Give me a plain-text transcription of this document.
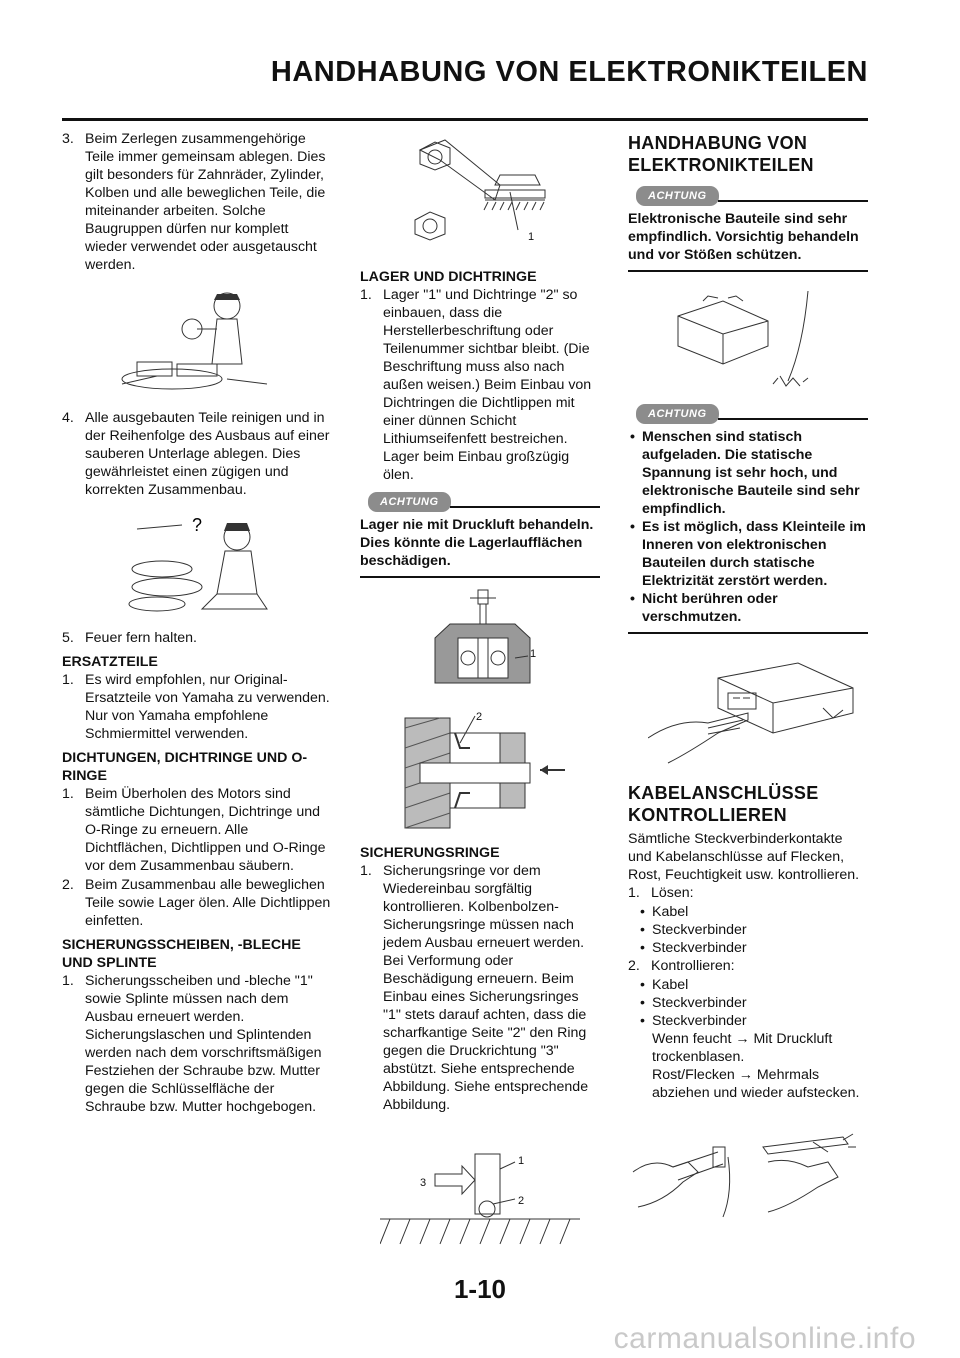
HANDHABUNG VON ELEKTRONIKTEILEN
3. Beim Zerlegen zusammengehörige Teile immer gemeinsam ablegen. Dies gilt besonders für Zahnräder, Zylinder, Kolben und alle beweglichen Teile, die miteinander arbeiten. Solche Baugruppen dürfen nur komplett wieder verwendet oder ausgetauscht werden.
4. Alle ausgebauten Teile reinigen und in der Reihenfolge des Ausbaus auf einer sauberen Unterlage ablegen. Dies gewährleistet einen zügigen und korrekten Zusammenbau.
?
5. Feuer fern halten.
ERSATZTEILE
1. Es wird empfohlen, nur Original-Ersatzteile von Yamaha zu verwenden. Nur von Yamaha empfohlene Schmiermittel verwenden.
DICHTUNGEN, DICHTRINGE UND O-RINGE
1. Beim Überholen des Motors sind sämtliche Dichtungen, Dichtringe und O-Ringe zu erneuern. Alle Dichtflächen, Dichtlippen und O-Ringe vor dem Zusammenbau säubern.
2. Beim Zusammenbau alle beweglichen Teile sowie Lager ölen. Alle Dichtlippen einfetten.
SICHERUNGSSCHEIBEN, -BLECHE UND SPLINTE
1. Sicherungsscheiben und -bleche "1" sowie Splinte müssen nach dem Ausbau erneuert werden. Sicherungslaschen und Splintenden werden nach dem vorschriftsmäßigen Festziehen der Schraube bzw. Mutter gegen die Schlüsselfläche der Schraube bzw. Mutter hochgebogen.
1
LAGER UND DICHTRINGE
1. Lager "1" und Dichtringe "2" so einbauen, dass die Herstellerbeschriftung oder Teilenummer sichtbar bleibt. (Die Beschriftung muss also nach außen weisen.) Beim Einbau von Dichtringen die Dichtlippen mit einer dünnen Schicht Lithiumseifenfett bestreichen. Lager beim Einbau großzügig ölen.
ACHTUNG
Lager nie mit Druckluft behandeln. Dies könnte die Lagerlaufflächen beschädigen.
1
2
SICHERUNGSRINGE
1. Sicherungsringe vor dem Wiedereinbau sorgfältig kontrollieren. Kolbenbolzen-Sicherungsringe müssen nach jedem Ausbau erneuert werden. Bei Verformung oder Beschädigung erneuern. Beim Einbau eines Sicherungsringes "1" stets darauf achten, dass die scharfkantige Seite "2" den Ring gegen die Druckrichtung "3" abstützt. Siehe entsprechende Abbildung. Siehe entsprechende Abbildung.
1
2
3
HANDHABUNG VON ELEKTRONIKTEILEN
ACHTUNG
Elektronische Bauteile sind sehr empfindlich. Vorsichtig behandeln und vor Stößen schützen.
ACHTUNG
• Menschen sind statisch aufgeladen. Die statische Spannung ist sehr hoch, und elektronische Bauteile sind sehr empfindlich.
• Es ist möglich, dass Kleinteile im Inneren von elektronischen Bauteilen durch statische Elektrizität zerstört werden.
• Nicht berühren oder verschmutzen.
KABELANSCHLÜSSE KONTROLLIEREN
Sämtliche Steckverbinderkontakte und Kabelanschlüsse auf Flecken, Rost, Feuchtigkeit usw. kontrollieren.
1. Lösen:
• Kabel
• Steckverbinder
• Steckverbinder
2. Kontrollieren:
• Kabel
• Steckverbinder
• Steckverbinder
Wenn feucht → Mit Druckluft trockenblasen.
Rost/Flecken → Mehrmals abziehen und wieder aufstecken.
1-10
carmanualsonline.info
